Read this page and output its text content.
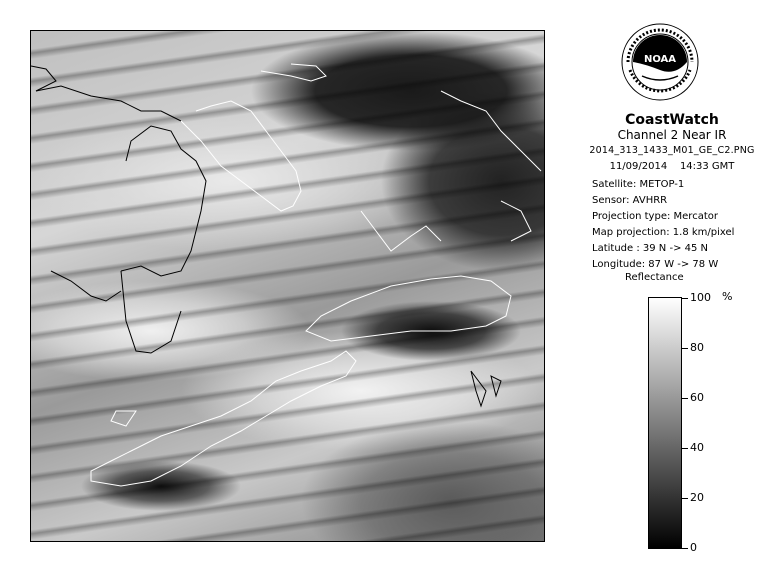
NOAA
CoastWatch
Channel 2 Near IR
2014_313_1433_M01_GE_C2.PNG
11/09/2014 14:33 GMT
Satellite: METOP-1
Sensor: AVHRR
Projection type: Mercator
Map projection: 1.8 km/pixel
Latitude : 39 N -> 45 N
Longitude: 87 W -> 78 W
Reflectance
100
80
60
40
20
0
%
